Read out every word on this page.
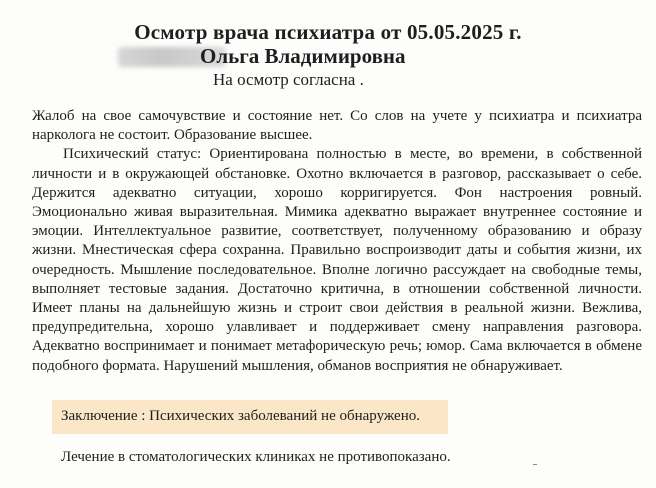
Осмотр врача психиатра от 05.05.2025 г.
Ольга Владимировна
На осмотр согласна .

Жалоб на свое самочувствие и состояние нет. Со слов на учете у психиатра и психиатра нарколога не состоит. Образование высшее.

Психический статус: Ориентирована полностью в месте, во времени, в собственной личности и в окружающей обстановке. Охотно включается в разговор, рассказывает о себе. Держится адекватно ситуации, хорошо корригируется. Фон настроения ровный. Эмоционально живая выразительная. Мимика адекватно выражает внутреннее состояние и эмоции. Интеллектуальное развитие, соответствует, полученному образованию и образу жизни. Мнестическая сфера сохранна. Правильно воспроизводит даты и события жизни, их очередность. Мышление последовательное. Вполне логично рассуждает на свободные темы, выполняет тестовые задания. Достаточно критична, в отношении собственной личности. Имеет планы на дальнейшую жизнь и строит свои действия в реальной жизни. Вежлива, предупредительна, хорошо улавливает и поддерживает смену направления разговора. Адекватно воспринимает и понимает метафорическую речь; юмор. Сама включается в обмене подобного формата. Нарушений мышления, обманов восприятия не обнаруживает.

Заключение : Психических заболеваний не обнаружено.
Лечение в стоматологических клиниках не противопоказано.
